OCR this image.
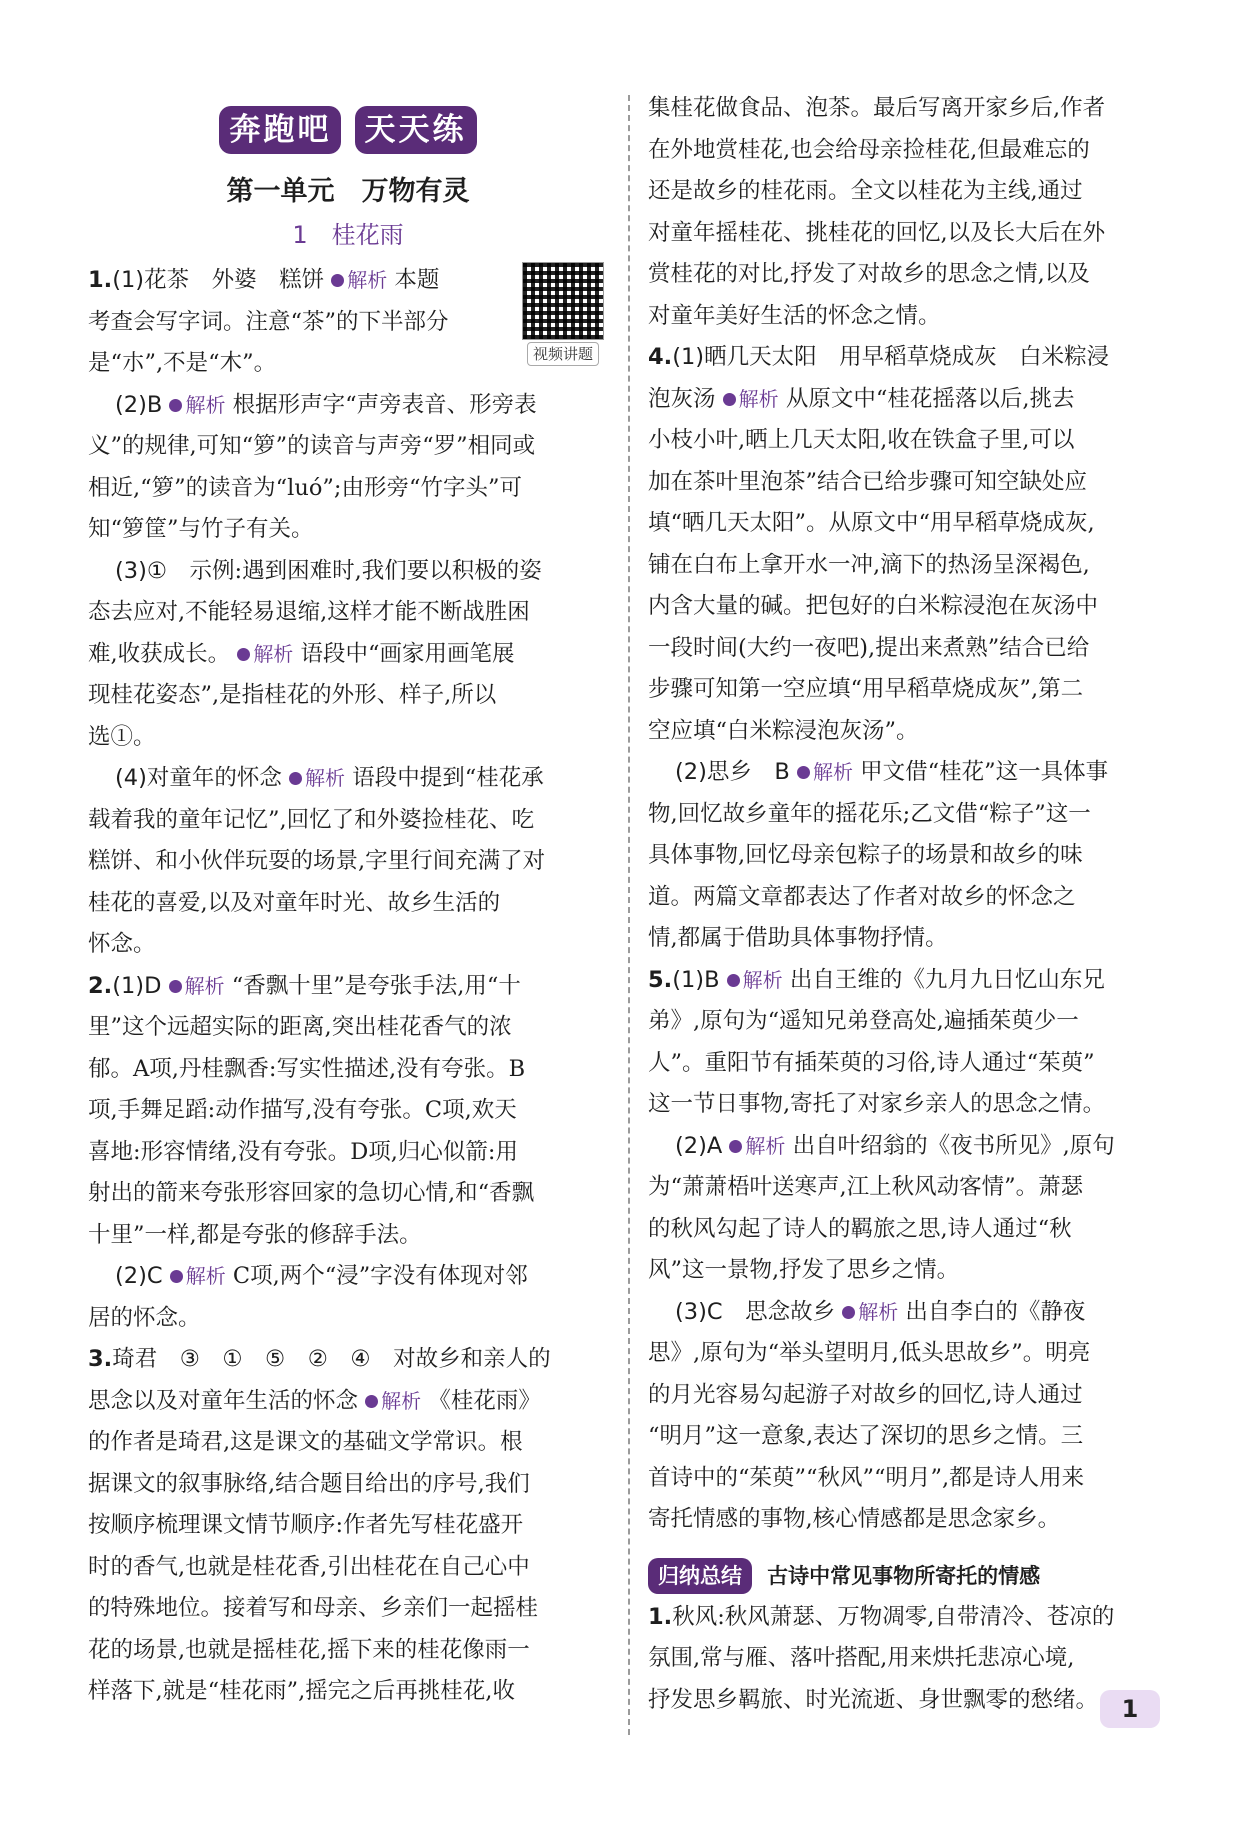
奔跑吧 天天练
第一单元　万物有灵
1　桂花雨
视频讲题

1.(1)花茶　外婆　糕饼 解析 本题

考查会写字词。注意“茶”的下半部分

是“朩”,不是“木”。

(2)B 解析 根据形声字“声旁表音、形旁表

义”的规律,可知“箩”的读音与声旁“罗”相同或

相近,“箩”的读音为“luó”;由形旁“竹字头”可

知“箩筐”与竹子有关。

(3)①　示例:遇到困难时,我们要以积极的姿

态去应对,不能轻易退缩,这样才能不断战胜困

难,收获成长。 解析 语段中“画家用画笔展

现桂花姿态”,是指桂花的外形、样子,所以

选①。

(4)对童年的怀念 解析 语段中提到“桂花承

载着我的童年记忆”,回忆了和外婆捡桂花、吃

糕饼、和小伙伴玩耍的场景,字里行间充满了对

桂花的喜爱,以及对童年时光、故乡生活的

怀念。

2.(1)D 解析 “香飘十里”是夸张手法,用“十

里”这个远超实际的距离,突出桂花香气的浓

郁。A项,丹桂飘香:写实性描述,没有夸张。B

项,手舞足蹈:动作描写,没有夸张。C项,欢天

喜地:形容情绪,没有夸张。D项,归心似箭:用

射出的箭来夸张形容回家的急切心情,和“香飘

十里”一样,都是夸张的修辞手法。

(2)C 解析 C项,两个“浸”字没有体现对邻

居的怀念。

3.琦君　③　①　⑤　②　④　对故乡和亲人的

思念以及对童年生活的怀念 解析 《桂花雨》

的作者是琦君,这是课文的基础文学常识。根

据课文的叙事脉络,结合题目给出的序号,我们

按顺序梳理课文情节顺序:作者先写桂花盛开

时的香气,也就是桂花香,引出桂花在自己心中

的特殊地位。接着写和母亲、乡亲们一起摇桂

花的场景,也就是摇桂花,摇下来的桂花像雨一

样落下,就是“桂花雨”,摇完之后再挑桂花,收

集桂花做食品、泡茶。最后写离开家乡后,作者

在外地赏桂花,也会给母亲捡桂花,但最难忘的

还是故乡的桂花雨。全文以桂花为主线,通过

对童年摇桂花、挑桂花的回忆,以及长大后在外

赏桂花的对比,抒发了对故乡的思念之情,以及

对童年美好生活的怀念之情。

4.(1)晒几天太阳　用早稻草烧成灰　白米粽浸

泡灰汤 解析 从原文中“桂花摇落以后,挑去

小枝小叶,晒上几天太阳,收在铁盒子里,可以

加在茶叶里泡茶”结合已给步骤可知空缺处应

填“晒几天太阳”。从原文中“用早稻草烧成灰,

铺在白布上拿开水一冲,滴下的热汤呈深褐色,

内含大量的碱。把包好的白米粽浸泡在灰汤中

一段时间(大约一夜吧),提出来煮熟”结合已给

步骤可知第一空应填“用早稻草烧成灰”,第二

空应填“白米粽浸泡灰汤”。

(2)思乡　B 解析 甲文借“桂花”这一具体事

物,回忆故乡童年的摇花乐;乙文借“粽子”这一

具体事物,回忆母亲包粽子的场景和故乡的味

道。两篇文章都表达了作者对故乡的怀念之

情,都属于借助具体事物抒情。

5.(1)B 解析 出自王维的《九月九日忆山东兄

弟》,原句为“遥知兄弟登高处,遍插茱萸少一

人”。重阳节有插茱萸的习俗,诗人通过“茱萸”

这一节日事物,寄托了对家乡亲人的思念之情。

(2)A 解析 出自叶绍翁的《夜书所见》,原句

为“萧萧梧叶送寒声,江上秋风动客情”。萧瑟

的秋风勾起了诗人的羁旅之思,诗人通过“秋

风”这一景物,抒发了思乡之情。

(3)C　思念故乡 解析 出自李白的《静夜

思》,原句为“举头望明月,低头思故乡”。明亮

的月光容易勾起游子对故乡的回忆,诗人通过

“明月”这一意象,表达了深切的思乡之情。三

首诗中的“茱萸”“秋风”“明月”,都是诗人用来

寄托情感的事物,核心情感都是思念家乡。

归纳总结 古诗中常见事物所寄托的情感

1.秋风:秋风萧瑟、万物凋零,自带清冷、苍凉的

氛围,常与雁、落叶搭配,用来烘托悲凉心境,

抒发思乡羁旅、时光流逝、身世飘零的愁绪。 1
